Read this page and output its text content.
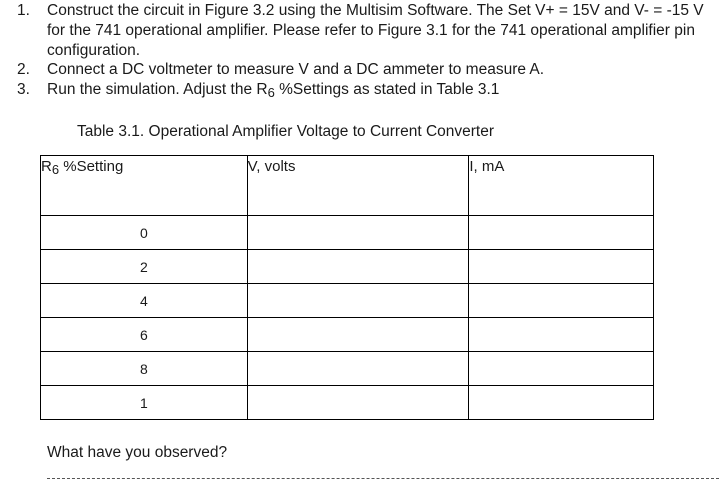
1. Construct the circuit in Figure 3.2 using the Multisim Software. The Set V+ = 15V and V- = -15 V for the 741 operational amplifier. Please refer to Figure 3.1 for the 741 operational amplifier pin configuration.
2. Connect a DC voltmeter to measure V and a DC ammeter to measure A.
3. Run the simulation. Adjust the $R_6$ %Settings as stated in Table 3.1
Table 3.1. Operational Amplifier Voltage to Current Converter
$R_6$ %Setting	V, volts	I, mA
0		
2		
4		
6		
8		
1		
What have you observed?
